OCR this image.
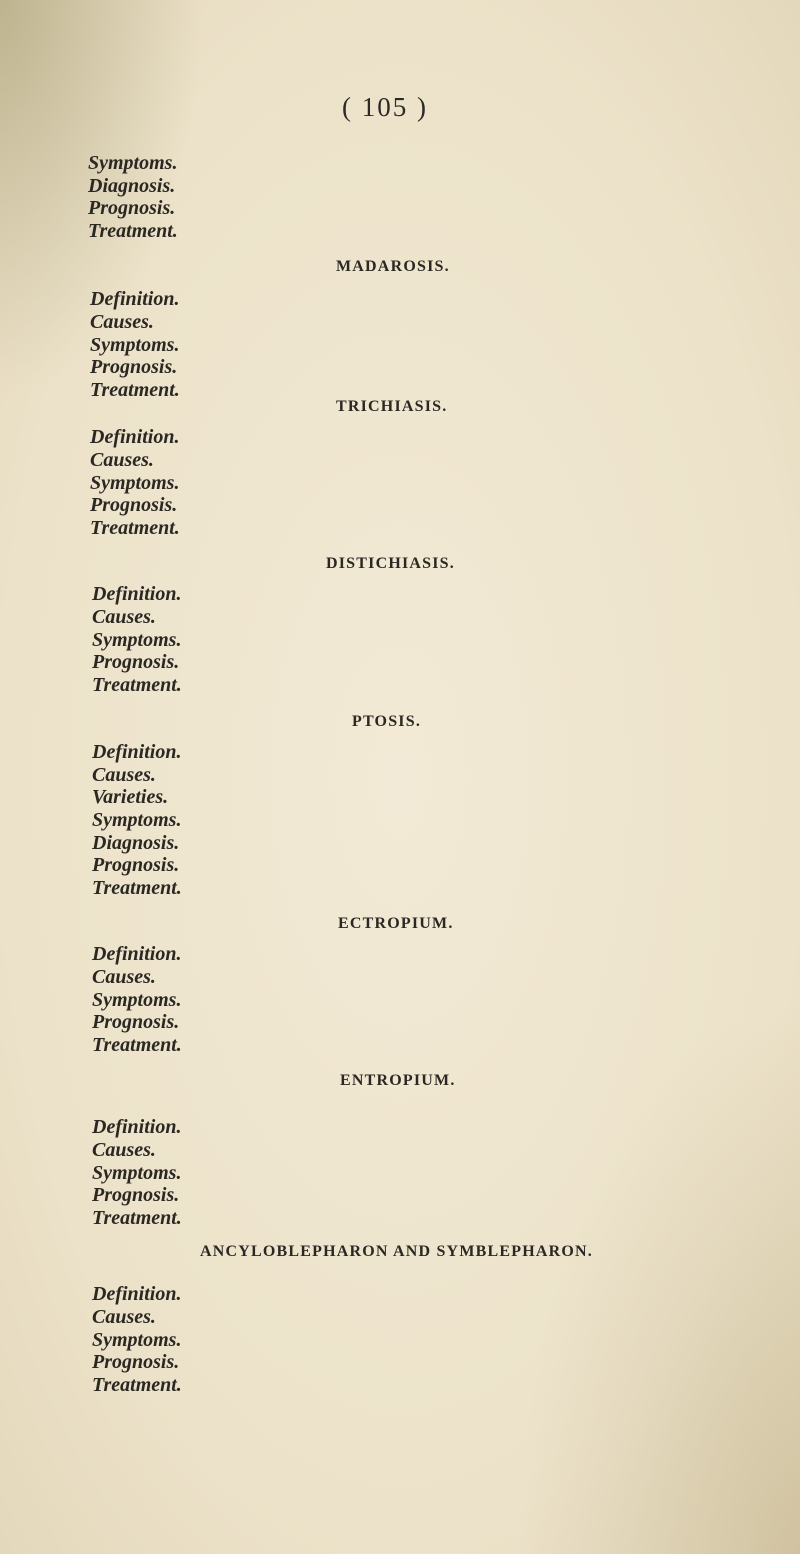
( 105 )
Symptoms.
Diagnosis.
Prognosis.
Treatment.
MADAROSIS.
Definition.
Causes.
Symptoms.
Prognosis.
Treatment.
TRICHIASIS.
Definition.
Causes.
Symptoms.
Prognosis.
Treatment.
DISTICHIASIS.
Definition.
Causes.
Symptoms.
Prognosis.
Treatment.
PTOSIS.
Definition.
Causes.
Varieties.
Symptoms.
Diagnosis.
Prognosis.
Treatment.
ECTROPIUM.
Definition.
Causes.
Symptoms.
Prognosis.
Treatment.
ENTROPIUM.
Definition.
Causes.
Symptoms.
Prognosis.
Treatment.
ANCYLOBLEPHARON AND SYMBLEPHARON.
Definition.
Causes.
Symptoms.
Prognosis.
Treatment.
